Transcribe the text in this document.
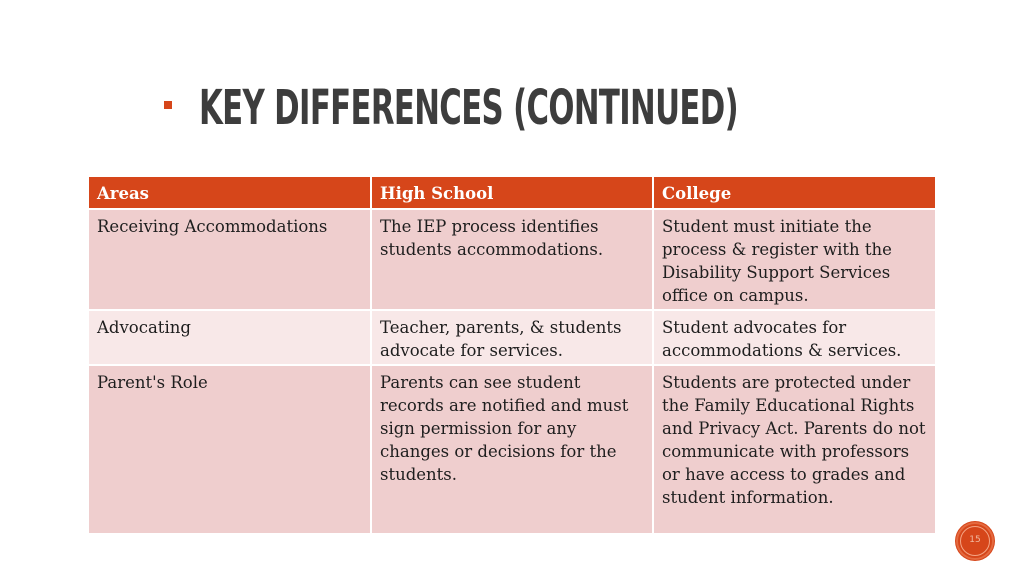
KEY DIFFERENCES (CONTINUED)
Areas	High School	College
Receiving Accommodations	The IEP process identifies students accommodations.	Student must initiate the process & register with the Disability Support Services office on campus.
Advocating	Teacher, parents, & students advocate for services.	Student advocates for accommodations & services.
Parent's Role	Parents can see student records are notified and must sign permission for any changes or decisions for the students.	Students are protected under the Family Educational Rights and Privacy Act. Parents do not communicate with professors or have access to grades and student information.
15
